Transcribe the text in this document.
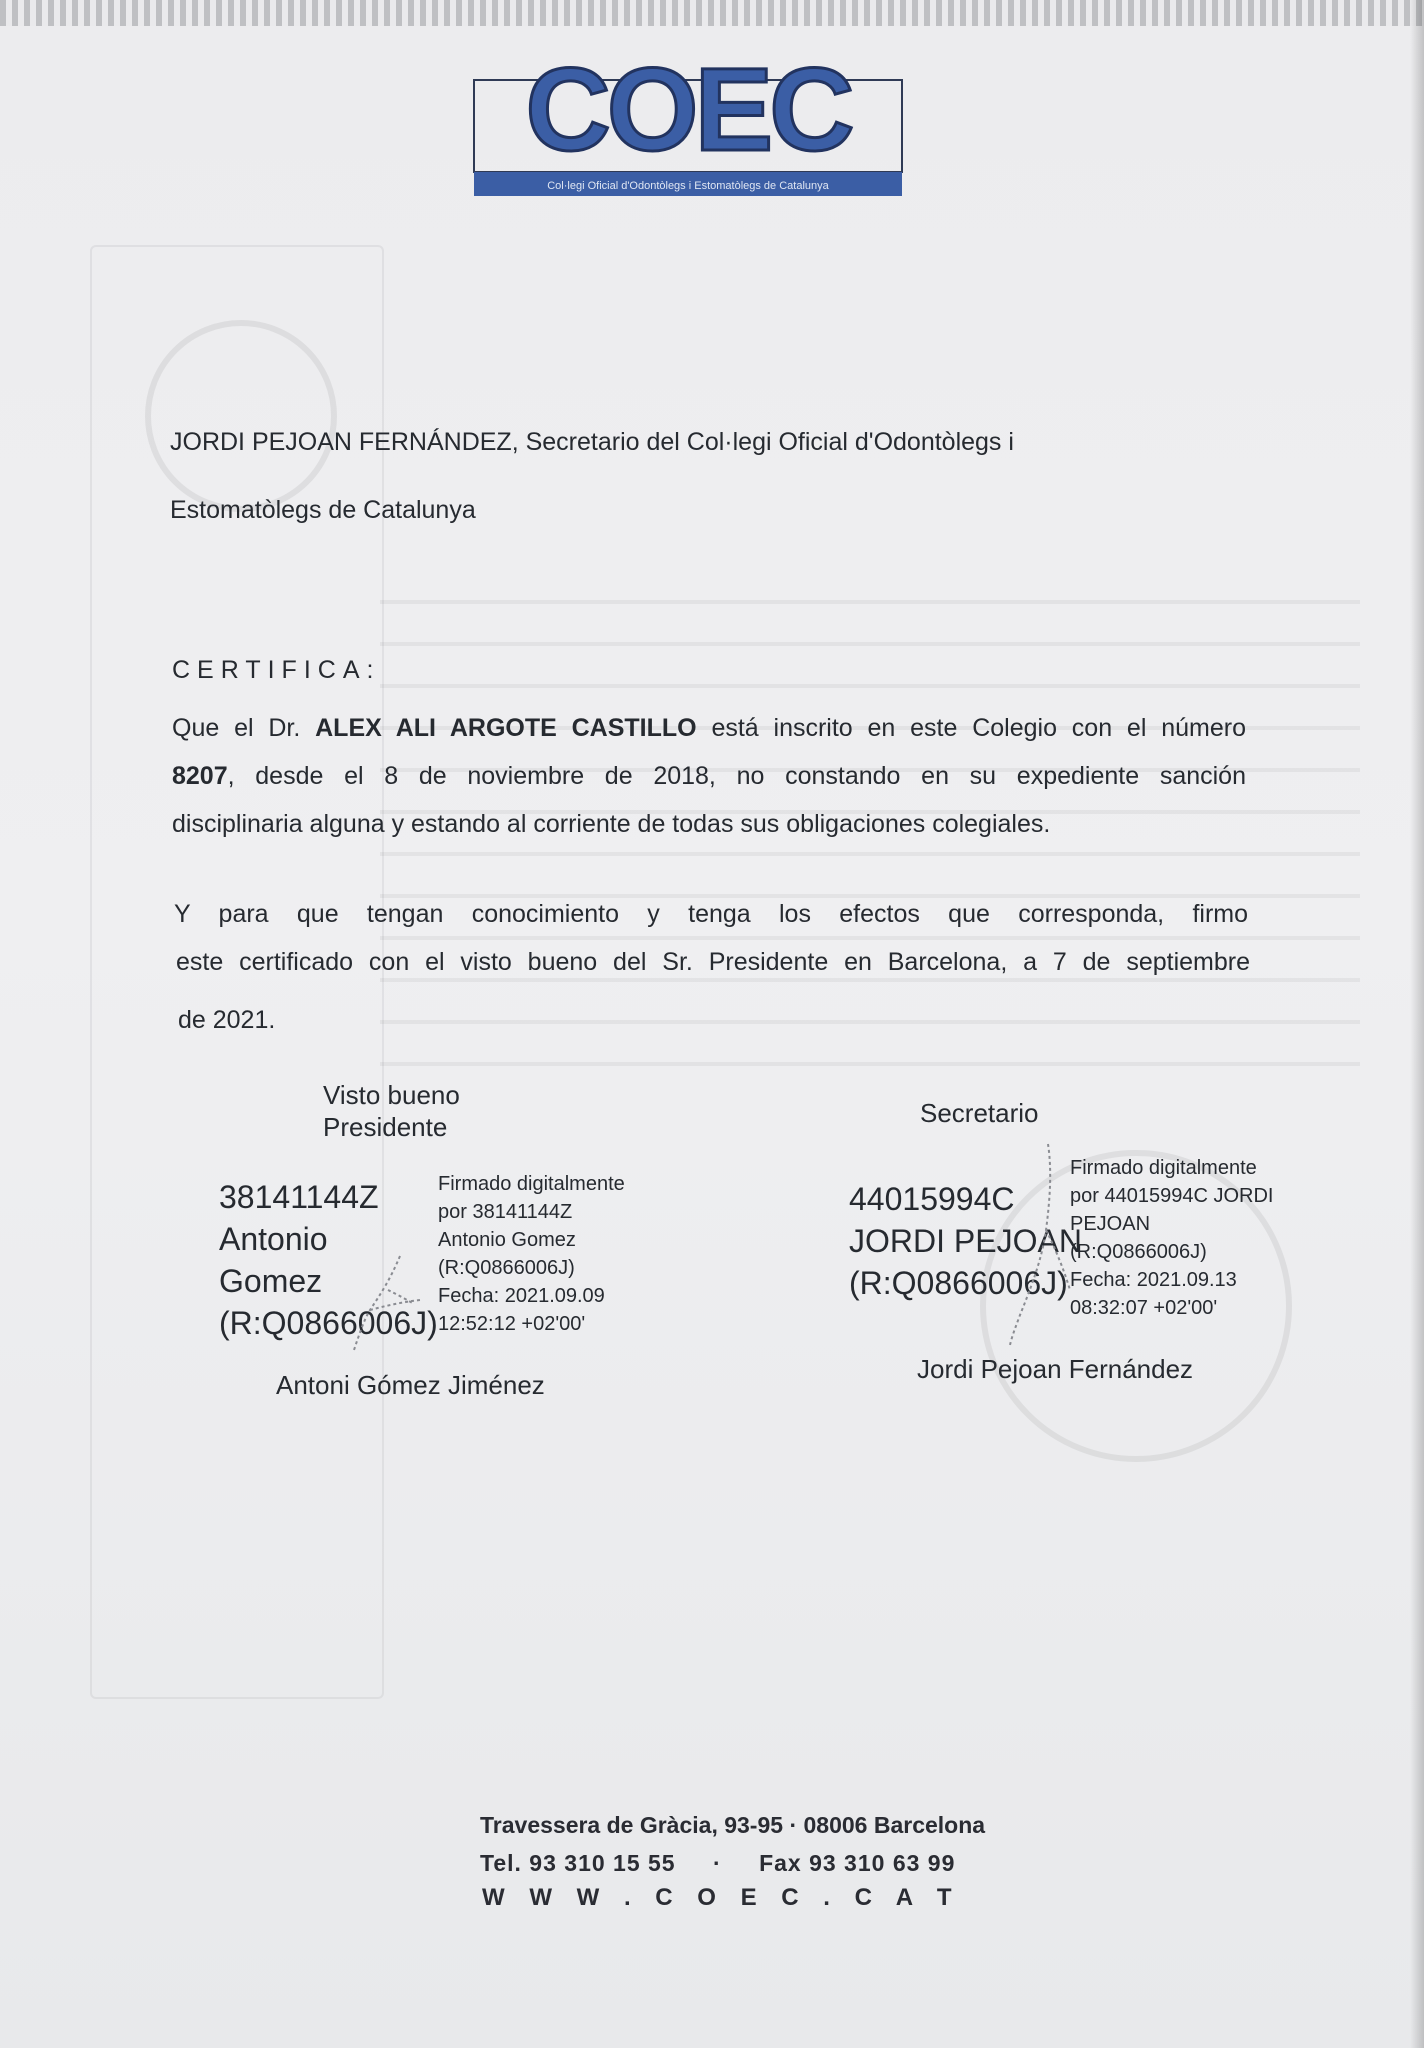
COEC
Col·legi Oficial d'Odontòlegs i Estomatòlegs de Catalunya
JORDI PEJOAN FERNÁNDEZ, Secretario del Col·legi Oficial d'Odontòlegs i
Estomatòlegs de Catalunya
CERTIFICA:
Que el Dr. ALEX ALI ARGOTE CASTILLO está inscrito en este Colegio con el número
8207, desde el 8 de noviembre de 2018, no constando en su expediente sanción
disciplinaria alguna y estando al corriente de todas sus obligaciones colegiales.
Y para que tengan conocimiento y tenga los efectos que corresponda, firmo
este certificado con el visto bueno del Sr. Presidente en Barcelona, a 7 de septiembre
de 2021.
Visto bueno
Presidente
38141144Z
Antonio
Gomez
(R:Q0866006J)
Firmado digitalmente
por 38141144Z
Antonio Gomez
(R:Q0866006J)
Fecha: 2021.09.09
12:52:12 +02'00'
Antoni Gómez Jiménez
Secretario
44015994C
JORDI PEJOAN
(R:Q0866006J)
Firmado digitalmente
por 44015994C JORDI
PEJOAN
(R:Q0866006J)
Fecha: 2021.09.13
08:32:07 +02'00'
Jordi Pejoan Fernández
Travessera de Gràcia, 93-95 · 08006 Barcelona
Tel. 93 310 15 55 · Fax 93 310 63 99
W W W . C O E C . C A T
